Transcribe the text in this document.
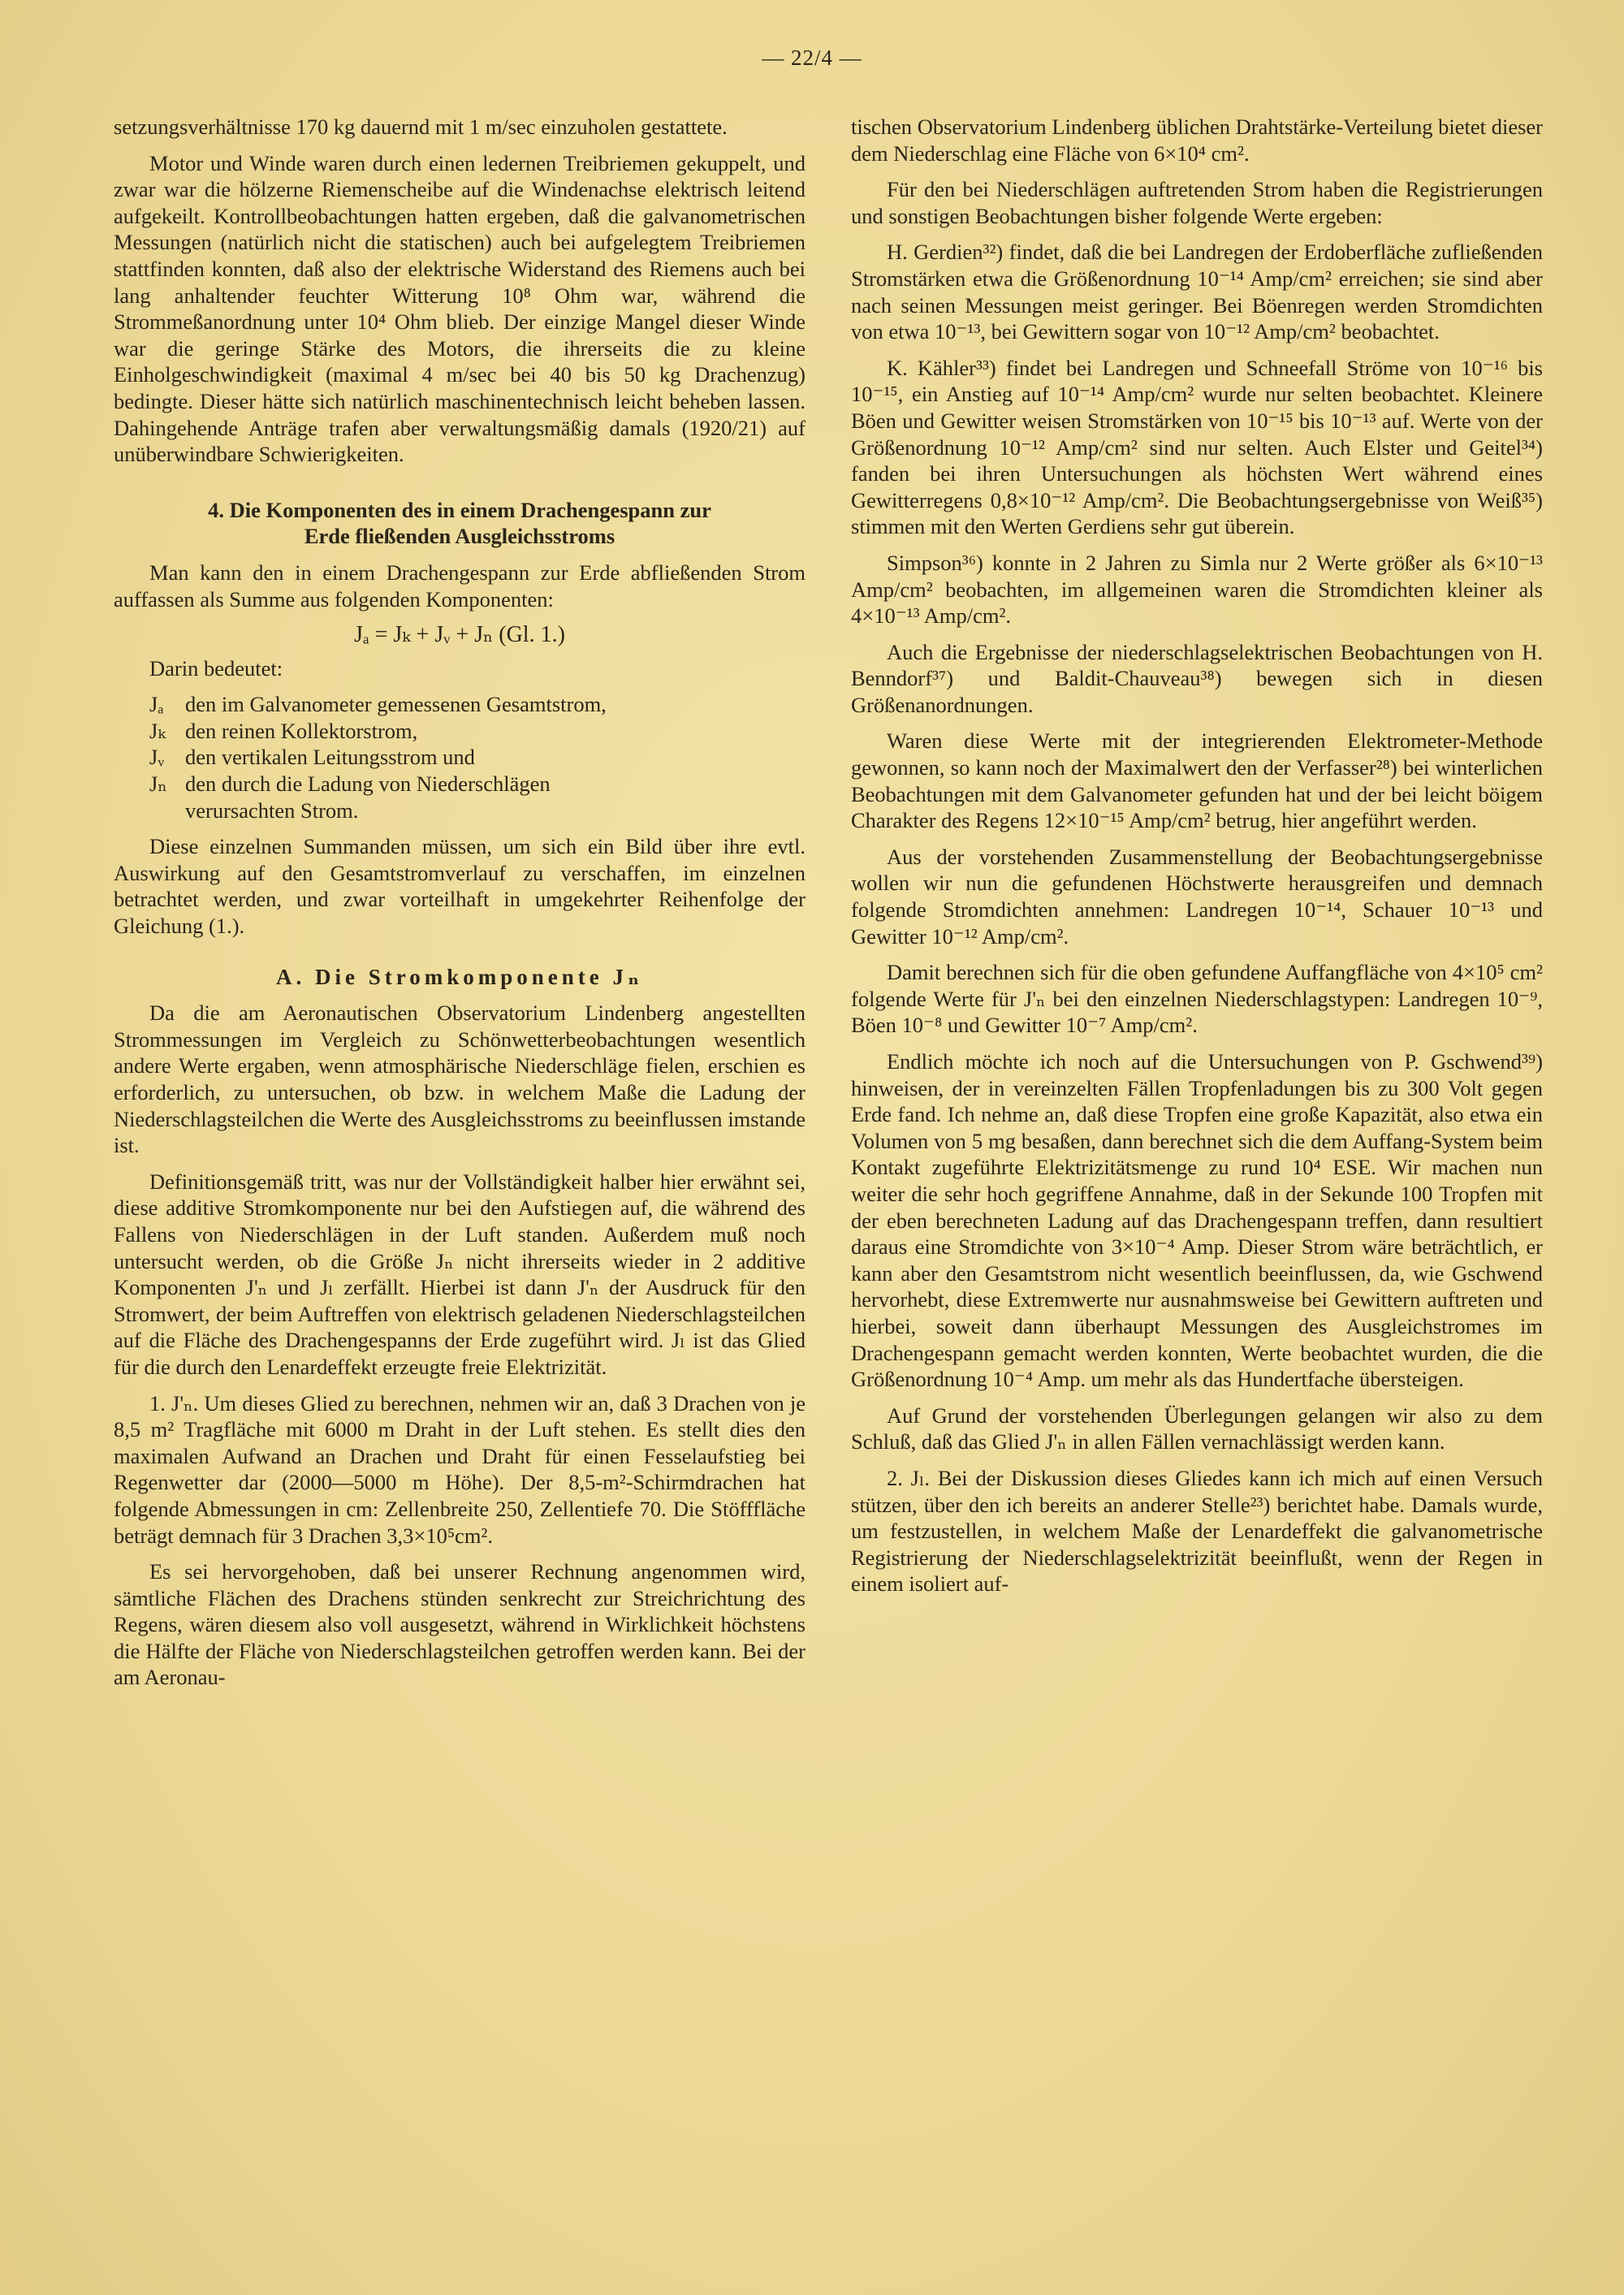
— 22/4 —

setzungsverhältnisse 170 kg dauernd mit 1 m/sec einzuholen gestattete.

Motor und Winde waren durch einen ledernen Treibriemen gekuppelt, und zwar war die hölzerne Riemenscheibe auf die Windenachse elektrisch leitend aufgekeilt. Kontrollbeobachtungen hatten ergeben, daß die galvanometrischen Messungen (natürlich nicht die statischen) auch bei aufgelegtem Treibriemen stattfinden konnten, daß also der elektrische Widerstand des Riemens auch bei lang anhaltender feuchter Witterung 10⁸ Ohm war, während die Strommeßanordnung unter 10⁴ Ohm blieb. Der einzige Mangel dieser Winde war die geringe Stärke des Motors, die ihrerseits die zu kleine Einholgeschwindigkeit (maximal 4 m/sec bei 40 bis 50 kg Drachenzug) bedingte. Dieser hätte sich natürlich maschinentechnisch leicht beheben lassen. Dahingehende Anträge trafen aber verwaltungsmäßig damals (1920/21) auf unüberwindbare Schwierigkeiten.

4. Die Komponenten des in einem Drachengespann zur
Erde fließenden Ausgleichsstroms

Man kann den in einem Drachengespann zur Erde abfließenden Strom auffassen als Summe aus folgenden Komponenten:

Jₐ = Jₖ + Jᵥ + Jₙ (Gl. 1.)

Darin bedeutet:

Jₐ den im Galvanometer gemessenen Gesamtstrom,
Jₖ den reinen Kollektorstrom,
Jᵥ den vertikalen Leitungsstrom und
Jₙ den durch die Ladung von Niederschlägen
verursachten Strom.

Diese einzelnen Summanden müssen, um sich ein Bild über ihre evtl. Auswirkung auf den Gesamtstromverlauf zu verschaffen, im einzelnen betrachtet werden, und zwar vorteilhaft in umgekehrter Reihenfolge der Gleichung (1.).

A. Die Stromkomponente Jₙ

Da die am Aeronautischen Observatorium Lindenberg angestellten Strommessungen im Vergleich zu Schönwetterbeobachtungen wesentlich andere Werte ergaben, wenn atmosphärische Niederschläge fielen, erschien es erforderlich, zu untersuchen, ob bzw. in welchem Maße die Ladung der Niederschlagsteilchen die Werte des Ausgleichsstroms zu beeinflussen imstande ist.

Definitionsgemäß tritt, was nur der Vollständigkeit halber hier erwähnt sei, diese additive Stromkomponente nur bei den Aufstiegen auf, die während des Fallens von Niederschlägen in der Luft standen. Außerdem muß noch untersucht werden, ob die Größe Jₙ nicht ihrerseits wieder in 2 additive Komponenten J'ₙ und Jₗ zerfällt. Hierbei ist dann J'ₙ der Ausdruck für den Stromwert, der beim Auftreffen von elektrisch geladenen Niederschlagsteilchen auf die Fläche des Drachengespanns der Erde zugeführt wird. Jₗ ist das Glied für die durch den Lenardeffekt erzeugte freie Elektrizität.

1. J'ₙ. Um dieses Glied zu berechnen, nehmen wir an, daß 3 Drachen von je 8,5 m² Tragfläche mit 6000 m Draht in der Luft stehen. Es stellt dies den maximalen Aufwand an Drachen und Draht für einen Fesselaufstieg bei Regenwetter dar (2000—5000 m Höhe). Der 8,5-m²-Schirmdrachen hat folgende Abmessungen in cm: Zellenbreite 250, Zellentiefe 70. Die Stöfffläche beträgt demnach für 3 Drachen 3,3×10⁵cm².

Es sei hervorgehoben, daß bei unserer Rechnung angenommen wird, sämtliche Flächen des Drachens stünden senkrecht zur Streichrichtung des Regens, wären diesem also voll ausgesetzt, während in Wirklichkeit höchstens die Hälfte der Fläche von Niederschlagsteilchen getroffen werden kann. Bei der am Aeronau-

tischen Observatorium Lindenberg üblichen Drahtstärke-Verteilung bietet dieser dem Niederschlag eine Fläche von 6×10⁴ cm².

Für den bei Niederschlägen auftretenden Strom haben die Registrierungen und sonstigen Beobachtungen bisher folgende Werte ergeben:

H. Gerdien³²) findet, daß die bei Landregen der Erdoberfläche zufließenden Stromstärken etwa die Größenordnung 10⁻¹⁴ Amp/cm² erreichen; sie sind aber nach seinen Messungen meist geringer. Bei Böenregen werden Stromdichten von etwa 10⁻¹³, bei Gewittern sogar von 10⁻¹² Amp/cm² beobachtet.

K. Kähler³³) findet bei Landregen und Schneefall Ströme von 10⁻¹⁶ bis 10⁻¹⁵, ein Anstieg auf 10⁻¹⁴ Amp/cm² wurde nur selten beobachtet. Kleinere Böen und Gewitter weisen Stromstärken von 10⁻¹⁵ bis 10⁻¹³ auf. Werte von der Größenordnung 10⁻¹² Amp/cm² sind nur selten. Auch Elster und Geitel³⁴) fanden bei ihren Untersuchungen als höchsten Wert während eines Gewitterregens 0,8×10⁻¹² Amp/cm². Die Beobachtungsergebnisse von Weiß³⁵) stimmen mit den Werten Gerdiens sehr gut überein.

Simpson³⁶) konnte in 2 Jahren zu Simla nur 2 Werte größer als 6×10⁻¹³ Amp/cm² beobachten, im allgemeinen waren die Stromdichten kleiner als 4×10⁻¹³ Amp/cm².

Auch die Ergebnisse der niederschlagselektrischen Beobachtungen von H. Benndorf³⁷) und Baldit-Chauveau³⁸) bewegen sich in diesen Größenanordnungen.

Waren diese Werte mit der integrierenden Elektrometer-Methode gewonnen, so kann noch der Maximalwert den der Verfasser²⁸) bei winterlichen Beobachtungen mit dem Galvanometer gefunden hat und der bei leicht böigem Charakter des Regens 12×10⁻¹⁵ Amp/cm² betrug, hier angeführt werden.

Aus der vorstehenden Zusammenstellung der Beobachtungsergebnisse wollen wir nun die gefundenen Höchstwerte herausgreifen und demnach folgende Stromdichten annehmen: Landregen 10⁻¹⁴, Schauer 10⁻¹³ und Gewitter 10⁻¹² Amp/cm².

Damit berechnen sich für die oben gefundene Auffangfläche von 4×10⁵ cm² folgende Werte für J'ₙ bei den einzelnen Niederschlagstypen: Landregen 10⁻⁹, Böen 10⁻⁸ und Gewitter 10⁻⁷ Amp/cm².

Endlich möchte ich noch auf die Untersuchungen von P. Gschwend³⁹) hinweisen, der in vereinzelten Fällen Tropfenladungen bis zu 300 Volt gegen Erde fand. Ich nehme an, daß diese Tropfen eine große Kapazität, also etwa ein Volumen von 5 mg besaßen, dann berechnet sich die dem Auffang-System beim Kontakt zugeführte Elektrizitätsmenge zu rund 10⁴ ESE. Wir machen nun weiter die sehr hoch gegriffene Annahme, daß in der Sekunde 100 Tropfen mit der eben berechneten Ladung auf das Drachengespann treffen, dann resultiert daraus eine Stromdichte von 3×10⁻⁴ Amp. Dieser Strom wäre beträchtlich, er kann aber den Gesamtstrom nicht wesentlich beeinflussen, da, wie Gschwend hervorhebt, diese Extremwerte nur ausnahmsweise bei Gewittern auftreten und hierbei, soweit dann überhaupt Messungen des Ausgleichstromes im Drachengespann gemacht werden konnten, Werte beobachtet wurden, die die Größenordnung 10⁻⁴ Amp. um mehr als das Hundertfache übersteigen.

Auf Grund der vorstehenden Überlegungen gelangen wir also zu dem Schluß, daß das Glied J'ₙ in allen Fällen vernachlässigt werden kann.

2. Jₗ. Bei der Diskussion dieses Gliedes kann ich mich auf einen Versuch stützen, über den ich bereits an anderer Stelle²³) berichtet habe. Damals wurde, um festzustellen, in welchem Maße der Lenardeffekt die galvanometrische Registrierung der Niederschlagselektrizität beeinflußt, wenn der Regen in einem isoliert auf-
